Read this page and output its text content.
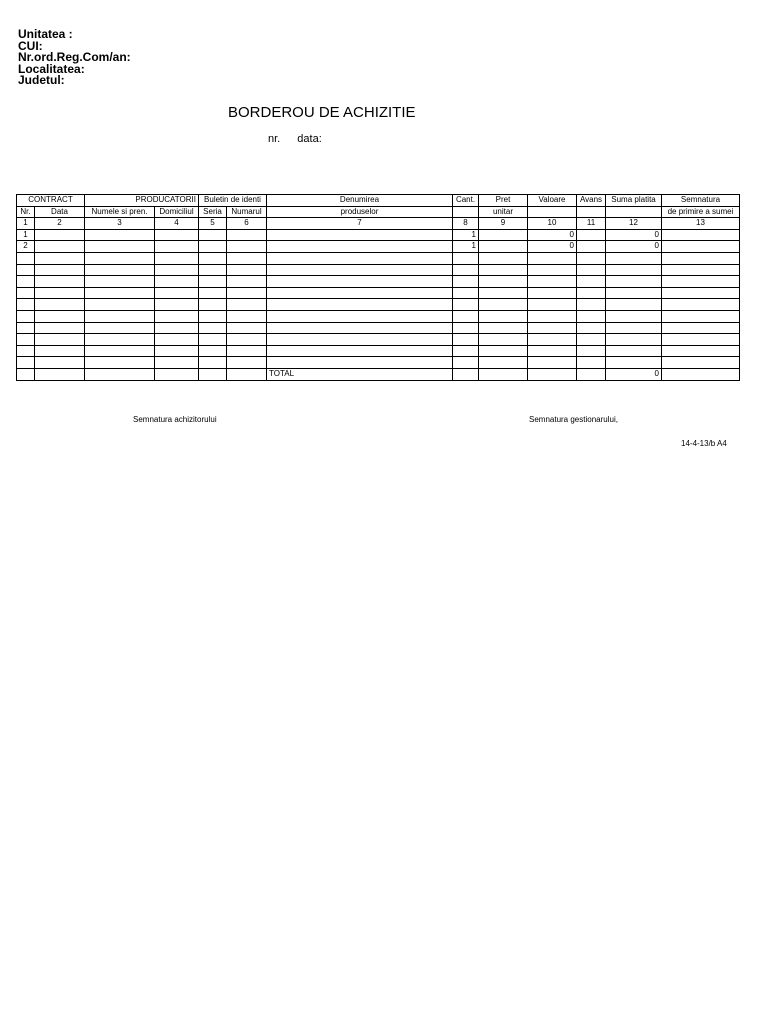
Unitatea :
CUI:
Nr.ord.Reg.Com/an:
Localitatea:
Judetul:
BORDEROU DE ACHIZITIE
nr. data:
CONTRACT		PRODUCATORII		Buletin de identi		Denumirea	Cant.	Pret	Valoare	Avans	Suma platita	Semnatura
Nr.	Data	Numele si pren.	Domiciliul	Seria	Numarul	produselor		unitar				de primire a sumei
1	2	3	4	5	6	7	8	9	10	11	12	13
1							1		0		0	
2							1		0		0	

						TOTAL					0	
Semnatura achizitorului	Semnatura gestionarului,
14-4-13/b A4
